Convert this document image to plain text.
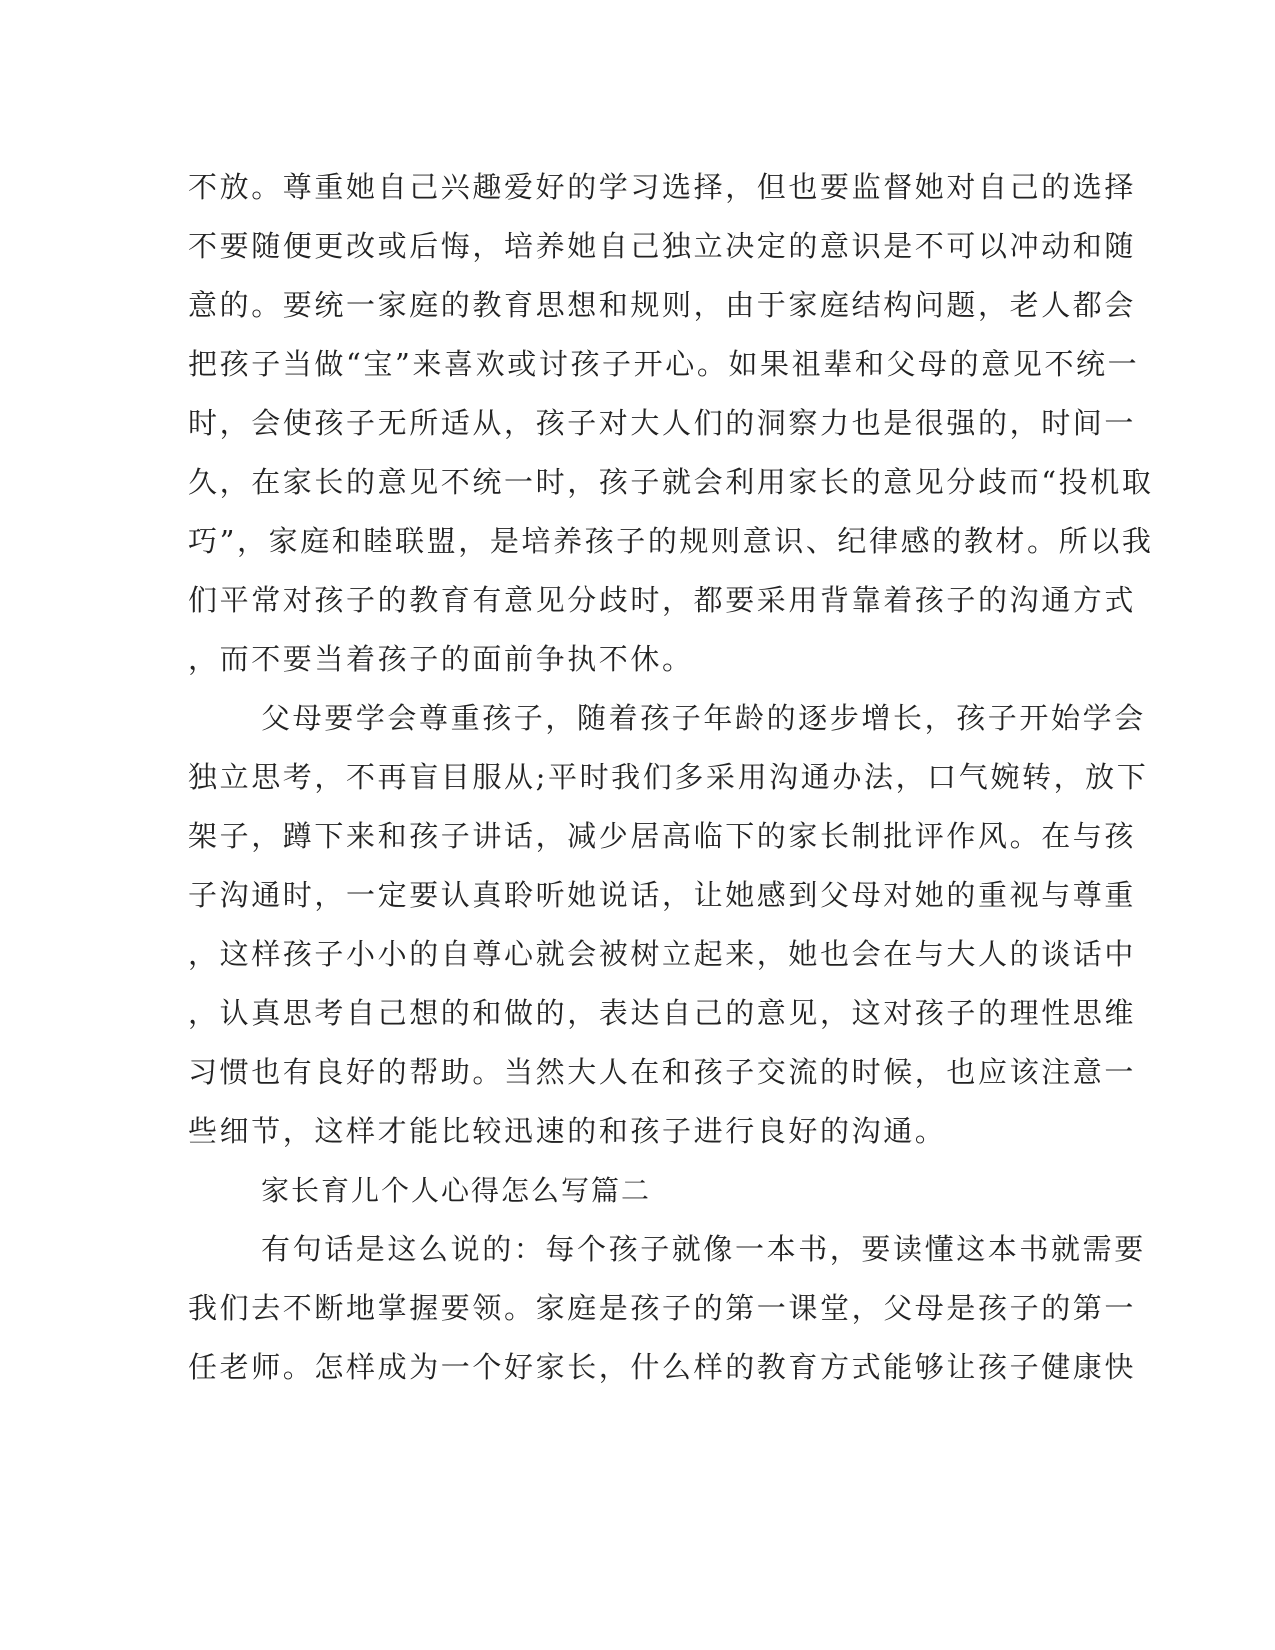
不放。尊重她自己兴趣爱好的学习选择，但也要监督她对自己的选择

不要随便更改或后悔，培养她自己独立决定的意识是不可以冲动和随

意的。要统一家庭的教育思想和规则，由于家庭结构问题，老人都会

把孩子当做“宝”来喜欢或讨孩子开心。如果祖辈和父母的意见不统一

时，会使孩子无所适从，孩子对大人们的洞察力也是很强的，时间一

久，在家长的意见不统一时，孩子就会利用家长的意见分歧而“投机取

巧”，家庭和睦联盟，是培养孩子的规则意识、纪律感的教材。所以我

们平常对孩子的教育有意见分歧时，都要采用背靠着孩子的沟通方式

，而不要当着孩子的面前争执不休。

父母要学会尊重孩子，随着孩子年龄的逐步增长，孩子开始学会

独立思考，不再盲目服从;平时我们多采用沟通办法，口气婉转，放下

架子，蹲下来和孩子讲话，减少居高临下的家长制批评作风。在与孩

子沟通时，一定要认真聆听她说话，让她感到父母对她的重视与尊重

，这样孩子小小的自尊心就会被树立起来，她也会在与大人的谈话中

，认真思考自己想的和做的，表达自己的意见，这对孩子的理性思维

习惯也有良好的帮助。当然大人在和孩子交流的时候，也应该注意一

些细节，这样才能比较迅速的和孩子进行良好的沟通。

家长育儿个人心得怎么写篇二

有句话是这么说的：每个孩子就像一本书，要读懂这本书就需要

我们去不断地掌握要领。家庭是孩子的第一课堂，父母是孩子的第一

任老师。怎样成为一个好家长，什么样的教育方式能够让孩子健康快
